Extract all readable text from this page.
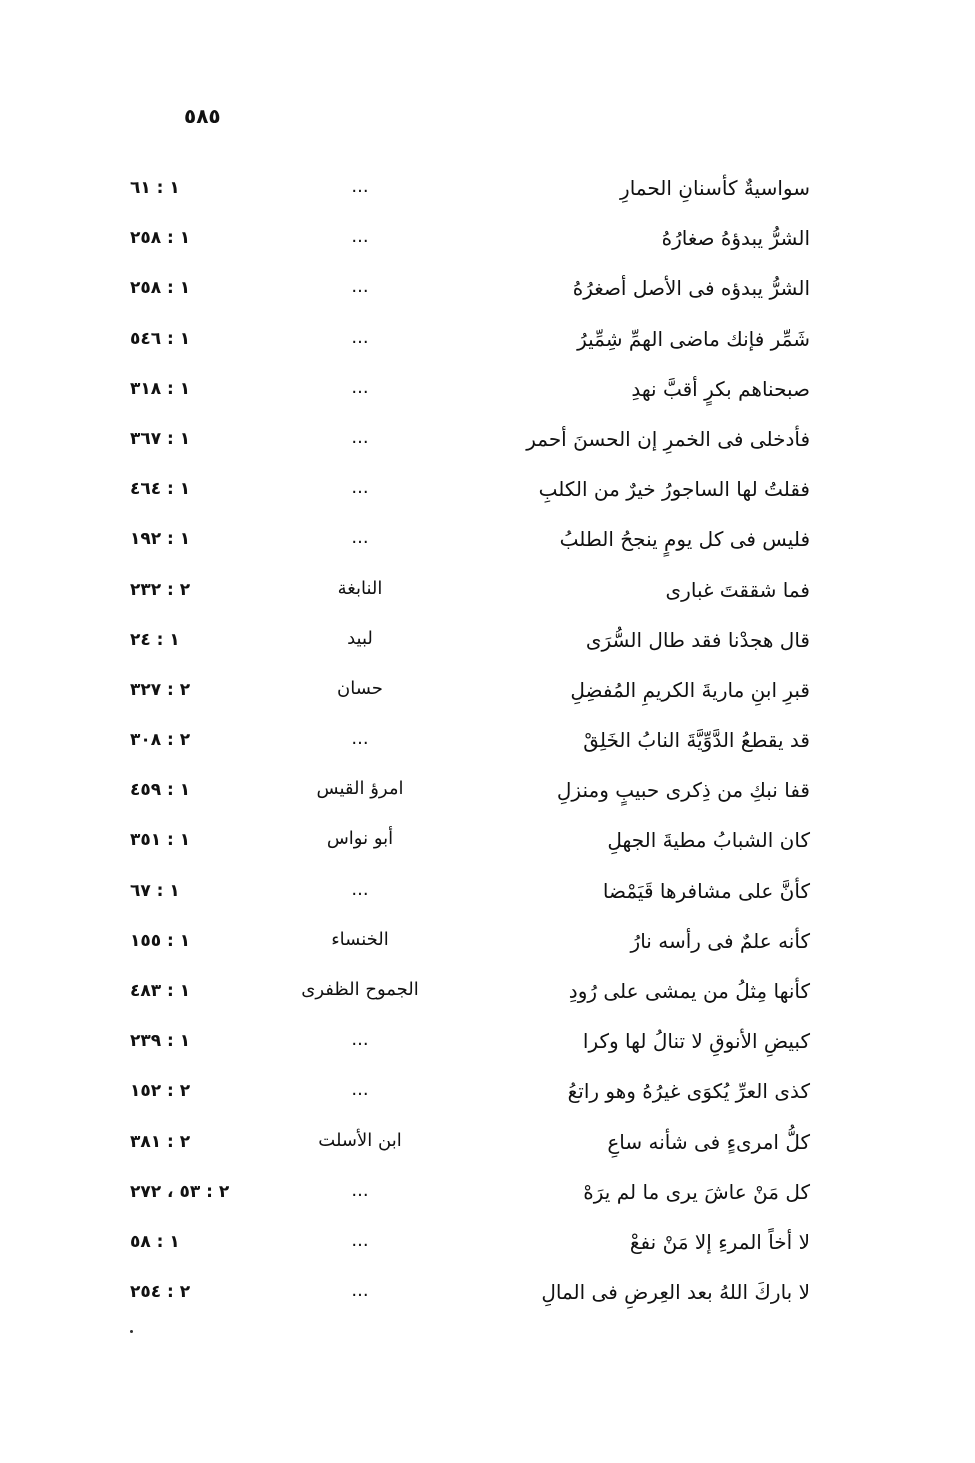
٥٨٥
سواسيةٌ كأسنانِ الحمارِ
...
١ : ٦١
الشرُّ يبدؤهُ صغارُهُ
...
١ : ٢٥٨
الشرُّ يبدؤه فى الأصل أصغرُهُ
...
١ : ٢٥٨
شَمِّر فإنك ماضى الهمِّ شِمِّيرُ
...
١ : ٥٤٦
صبحناهم بكرٍ أقبَّ نهدِ
...
١ : ٣١٨
فأدخلى فى الخمرِ إن الحسنَ أحمر
...
١ : ٣٦٧
فقلتُ لها الساجورُ خيرٌ من الكلبِ
...
١ : ٤٦٤
فليس فى كل يومٍ ينجحُ الطلبُ
...
١ : ١٩٢
فما شققتَ غبارى
النابغة
٢ : ٢٣٢
قال هجدْنا فقد طال السُّرَى
لبيد
١ : ٢٤
قبرِ ابنِ ماريةَ الكريمِ المُفضِلِ
حسان
٢ : ٣٢٧
قد يقطعُ الدَّوِّيَّةَ النابُ الخَلِقْ
...
٢ : ٣٠٨
قفا نبكِ من ذِكرى حبيبٍ ومنزلِ
امرؤ القيس
١ : ٤٥٩
كان الشبابُ مطيةَ الجهلِ
أبو نواس
١ : ٣٥١
كأنَّ على مشافرها قَيَمْضا
...
١ : ٦٧
كأنه علمٌ فى رأسه نارُ
الخنساء
١ : ١٥٥
كأنها مِثلُ من يمشى على رُودِ
الجموح الظفرى
١ : ٤٨٣
كبيضِ الأنوقِ لا تنالُ لها وكرا
...
١ : ٢٣٩
كذى العرِّ يُكوَى غيرُهُ وهو راتعُ
...
٢ : ١٥٢
كلُّ امرىءٍ فى شأنه ساعِ
ابن الأسلت
٢ : ٣٨١
كل مَنْ عاشَ يرى ما لم يرَهْ
...
٢ : ٥٣ ، ٢٧٢
لا أخاً المرءِ إلا مَنْ نفعْ
...
١ : ٥٨
لا باركَ اللهُ بعد العِرضِ فى المالِ
...
٢ : ٢٥٤
